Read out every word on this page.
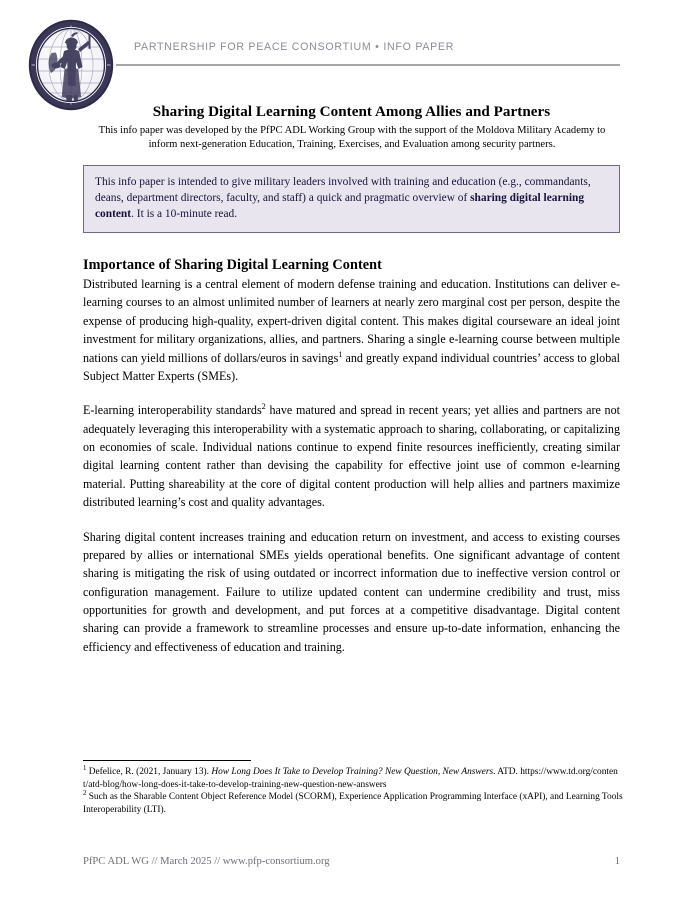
PARTNERSHIP FOR PEACE CONSORTIUM • INFO PAPER
Sharing Digital Learning Content Among Allies and Partners
This info paper was developed by the PfPC ADL Working Group with the support of the Moldova Military Academy to inform next-generation Education, Training, Exercises, and Evaluation among security partners.
This info paper is intended to give military leaders involved with training and education (e.g., commandants, deans, department directors, faculty, and staff) a quick and pragmatic overview of sharing digital learning content. It is a 10-minute read.
Importance of Sharing Digital Learning Content

Distributed learning is a central element of modern defense training and education. Institutions can deliver e-learning courses to an almost unlimited number of learners at nearly zero marginal cost per person, despite the expense of producing high-quality, expert-driven digital content. This makes digital courseware an ideal joint investment for military organizations, allies, and partners. Sharing a single e-learning course between multiple nations can yield millions of dollars/euros in savings$^1$ and greatly expand individual countries’ access to global Subject Matter Experts (SMEs).

E-learning interoperability standards$^2$ have matured and spread in recent years; yet allies and partners are not adequately leveraging this interoperability with a systematic approach to sharing, collaborating, or capitalizing on economies of scale. Individual nations continue to expend finite resources inefficiently, creating similar digital learning content rather than devising the capability for effective joint use of common e-learning material. Putting shareability at the core of digital content production will help allies and partners maximize distributed learning’s cost and quality advantages.

Sharing digital content increases training and education return on investment, and access to existing courses prepared by allies or international SMEs yields operational benefits. One significant advantage of content sharing is mitigating the risk of using outdated or incorrect information due to ineffective version control or configuration management. Failure to utilize updated content can undermine credibility and trust, miss opportunities for growth and development, and put forces at a competitive disadvantage. Digital content sharing can provide a framework to streamline processes and ensure up-to-date information, enhancing the efficiency and effectiveness of education and training.

$^1$ Defelice, R. (2021, January 13). How Long Does It Take to Develop Training? New Question, New Answers. ATD. https://www.td.org/content/atd-blog/how-long-does-it-take-to-develop-training-new-question-new-answers

$^2$ Such as the Sharable Content Object Reference Model (SCORM), Experience Application Programming Interface (xAPI), and Learning Tools Interoperability (LTI).

PfPC ADL WG // March 2025 // www.pfp-consortium.org	1
